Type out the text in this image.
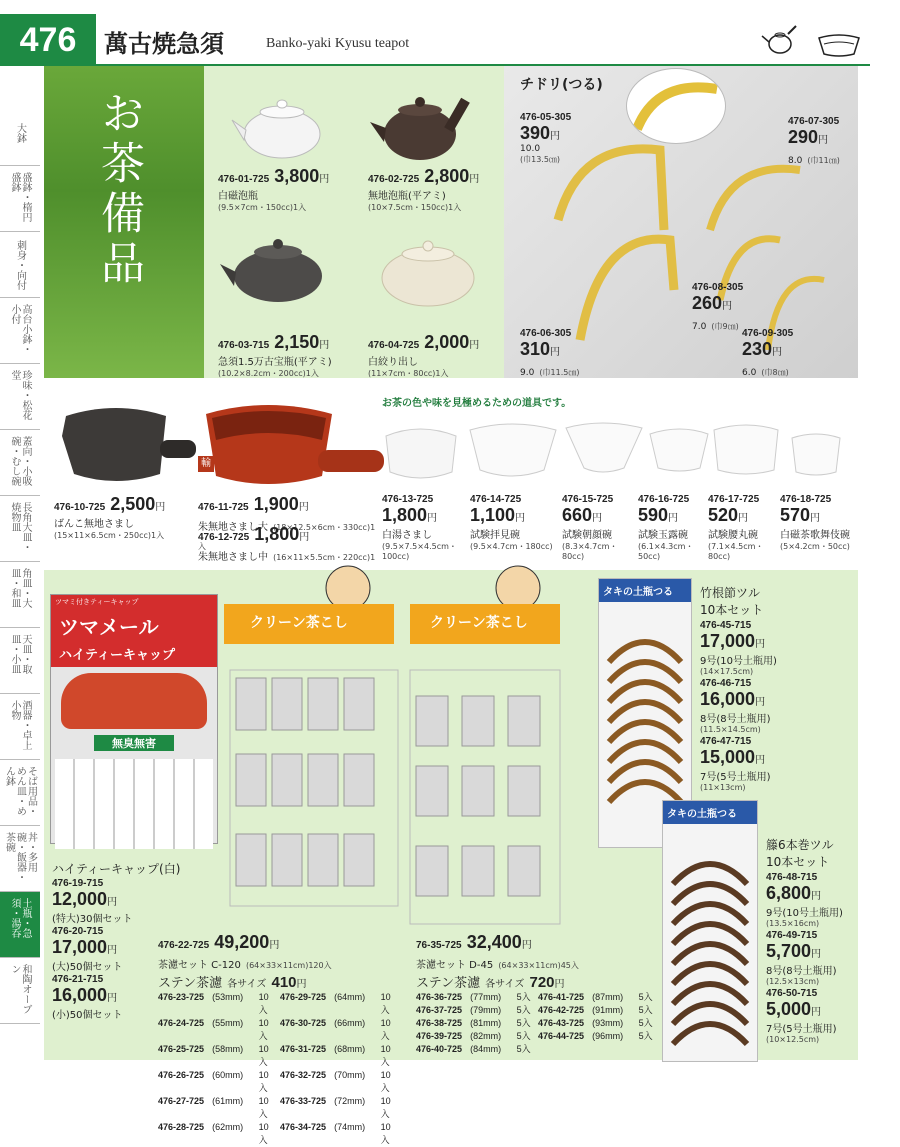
476	萬古焼急須	Banko-yaki Kyusu teapot
大鉢
盛鉢・楕円盛鉢
刺身・向付
高台小鉢・小付
珍味・松花堂
蓋向・小吸碗・むし碗
長角大皿・焼物皿
角皿・大皿・和皿
天皿・取皿・小皿
酒器・卓上小物
そば用品・めん皿・めん鉢
丼・多用碗・飯器・茶碗
土瓶・急須・湯呑
和陶オーブン
お茶備品	476-01-725 3,800円
白磁泡瓶
(9.5×7cm・150cc)1入
476-02-725 2,800円
無地泡瓶(平アミ)
(10×7.5cm・150cc)1入
476-03-715 2,150円
急須1.5万古宝瓶(平アミ)
(10.2×8.2cm・200cc)1入
476-04-725 2,000円
白絞り出し
(11×7cm・80cc)1入
チドリ(つる)
476-05-305
390円
10.0
(巾13.5㎝)
476-07-305
290円
8.0 (巾11㎝)
476-08-305
260円
7.0 (巾9㎝)
476-06-305
310円
9.0 (巾11.5㎝)
476-09-305
230円
6.0 (巾8㎝)
お茶の色や味を見極めるための道具です。
輸
476-10-725 2,500円
ばんこ無地さまし
(15×11×6.5cm・250cc)1入
476-11-725 1,900円
朱無地さまし大 (18×12.5×6cm・330cc)1入
476-12-725 1,800円
朱無地さまし中 (16×11×5.5cm・220cc)1
476-13-725
1,800円
白湯さまし
(9.5×7.5×4.5cm・100cc)
476-14-725
1,100円
試験拝見碗
(9.5×4.7cm・180cc)
476-15-725
660円
試験朝顔碗
(8.3×4.7cm・80cc)
476-16-725
590円
試験玉露碗
(6.1×4.3cm・50cc)
476-17-725
520円
試験腰丸碗
(7.1×4.5cm・80cc)
476-18-725
570円
白磁茶歌舞伎碗
(5×4.2cm・50cc)
ツマミ付きティーキャップ
ツマメール
ハイティーキャップ
無臭無害
ハイティーキャップ(白)
476-19-715
12,000円
(特大)30個セット
476-20-715
17,000円
(大)50個セット
476-21-715
16,000円
(小)50個セット
クリーン茶こし	クリーン茶こし
476-22-725 49,200円
茶濾セット C-120 (64×33×11cm)120入
ステン茶濾 各サイズ 410円
476-23-725 (53mm)	10入
476-29-725 (64mm)	10入
476-24-725 (55mm)	10入
476-30-725 (66mm)	10入
476-25-725 (58mm)	10入
476-31-725 (68mm)	10入
476-26-725 (60mm)	10入
476-32-725 (70mm)	10入
476-27-725 (61mm)	10入
476-33-725 (72mm)	10入
476-28-725 (62mm)	10入
476-34-725 (74mm)	10入
76-35-725 32,400円
茶濾セット D-45 (64×33×11cm)45入
ステン茶濾 各サイズ 720円
476-36-725 (77mm)	5入 476-41-725 (87mm)	5入
476-37-725 (79mm)	5入 476-42-725 (91mm)	5入
476-38-725 (81mm)	5入 476-43-725 (93mm)	5入
476-39-725 (82mm)	5入 476-44-725 (96mm)	5入
476-40-725 (84mm)	5入
タキの土瓶つる
タキの土瓶つる
竹根節ツル
10本セット
476-45-715
17,000円
9号(10号土瓶用)
(14×17.5cm)
476-46-715
16,000円
8号(8号土瓶用)
(11.5×14.5cm)
476-47-715
15,000円
7号(5号土瓶用)
(11×13cm)
籐6本巻ツル
10本セット
476-48-715
6,800円
9号(10号土瓶用)
(13.5×16cm)
476-49-715
5,700円
8号(8号土瓶用)
(12.5×13cm)
476-50-715
5,000円
7号(5号土瓶用)
(10×12.5cm)
